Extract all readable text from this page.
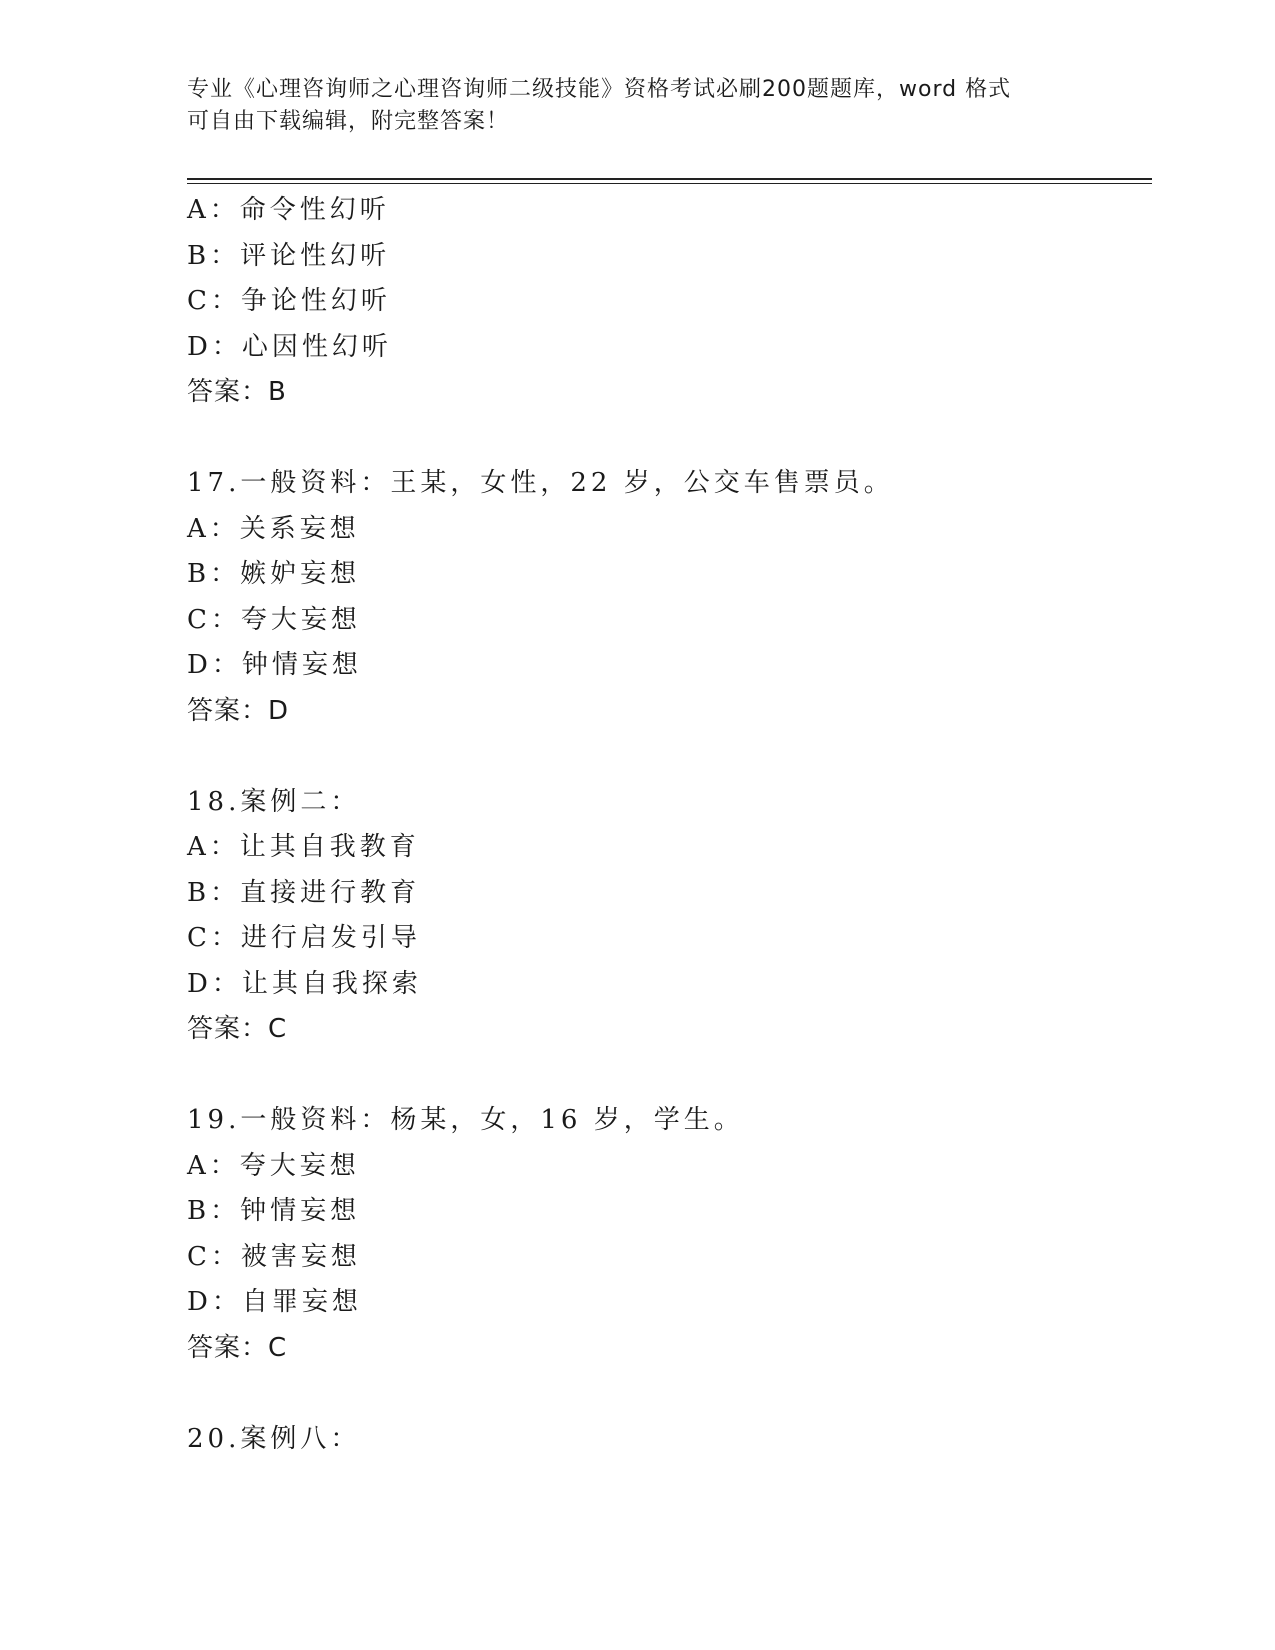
专业《心理咨询师之心理咨询师二级技能》资格考试必刷200题题库，word 格式
可自由下载编辑，附完整答案！
A：命令性幻听
B：评论性幻听
C：争论性幻听
D：心因性幻听
答案：B
17.一般资料：王某，女性，22 岁，公交车售票员。
A：关系妄想
B：嫉妒妄想
C：夸大妄想
D：钟情妄想
答案：D
18.案例二：
A：让其自我教育
B：直接进行教育
C：进行启发引导
D：让其自我探索
答案：C
19.一般资料：杨某，女，16 岁，学生。
A：夸大妄想
B：钟情妄想
C：被害妄想
D：自罪妄想
答案：C
20.案例八：
